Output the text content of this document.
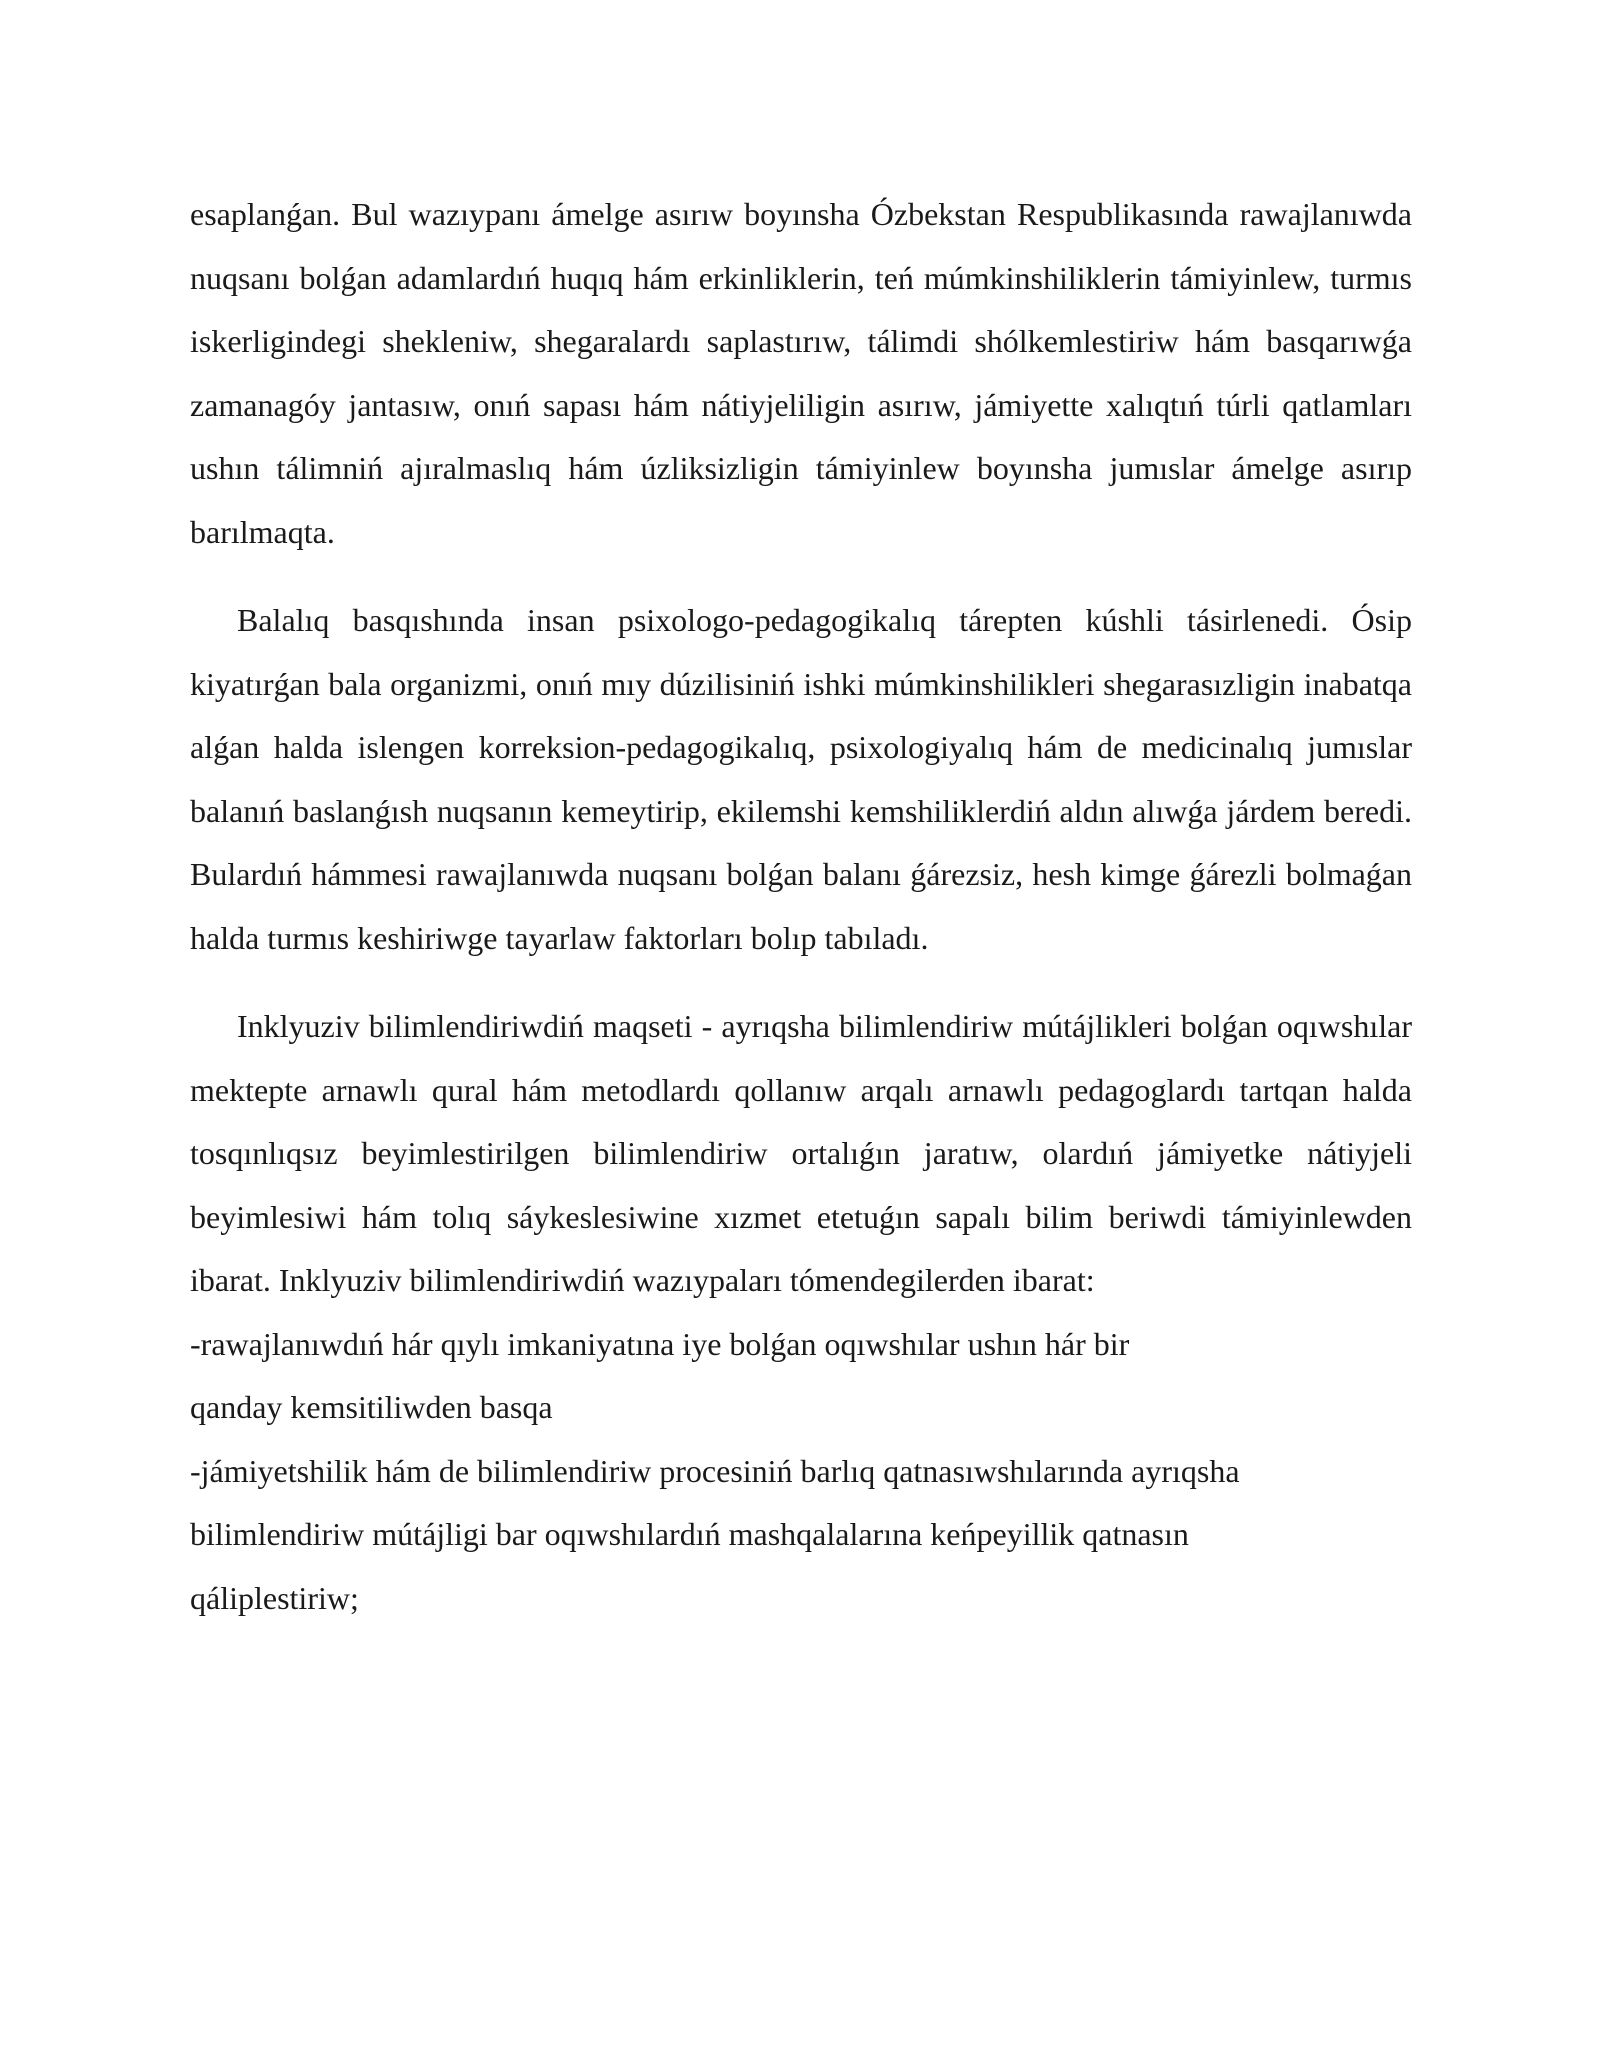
esaplanǵan. Bul wazıypanı ámelge asırıw boyınsha Ózbekstan Respublikasında rawajlanıwda nuqsanı bolǵan adamlardıń huqıq hám erkinliklerin, teń múmkinshiliklerin támiyinlew, turmıs iskerligindegi shekleniw, shegaralardı saplastırıw, tálimdi shólkemlestiriw hám basqarıwǵa zamanagóy jantasıw, onıń sapası hám nátiyjeliligin asırıw, jámiyette xalıqtıń túrli qatlamları ushın tálimniń ajıralmaslıq hám úzliksizligin támiyinlew boyınsha jumıslar ámelge asırıp barılmaqta.

Balalıq basqıshında insan psixologo-pedagogikalıq tárepten kúshli tásirlenedi. Ósip kiyatırǵan bala organizmi, onıń mıy dúzilisiniń ishki múmkinshilikleri shegarasızligin inabatqa alǵan halda islengen korreksion-pedagogikalıq, psixologiyalıq hám de medicinalıq jumıslar balanıń baslanǵısh nuqsanın kemeytirip, ekilemshi kemshiliklerdiń aldın alıwǵa járdem beredi. Bulardıń hámmesi rawajlanıwda nuqsanı bolǵan balanı ǵárezsiz, hesh kimge ǵárezli bolmaǵan halda turmıs keshiriwge tayarlaw faktorları bolıp tabıladı.

Inklyuziv bilimlendiriwdiń maqseti - ayrıqsha bilimlendiriw mútájlikleri bolǵan oqıwshılar mektepte arnawlı qural hám metodlardı qollanıw arqalı arnawlı pedagoglardı tartqan halda tosqınlıqsız beyimlestirilgen bilimlendiriw ortalıǵın jaratıw, olardıń jámiyetke nátiyjeli beyimlesiwi hám tolıq sáykeslesiwine xızmet etetuǵın sapalı bilim beriwdi támiyinlewden ibarat. Inklyuziv bilimlendiriwdiń wazıypaları tómendegilerden ibarat:

-rawajlanıwdıń hár qıylı imkaniyatına iye bolǵan oqıwshılar ushın hár bir
qanday kemsitiliwden basqa
-jámiyetshilik hám de bilimlendiriw procesiniń barlıq qatnasıwshılarında ayrıqsha
bilimlendiriw mútájligi bar oqıwshılardıń mashqalalarına keńpeyillik qatnasın
qáliplestiriw;
